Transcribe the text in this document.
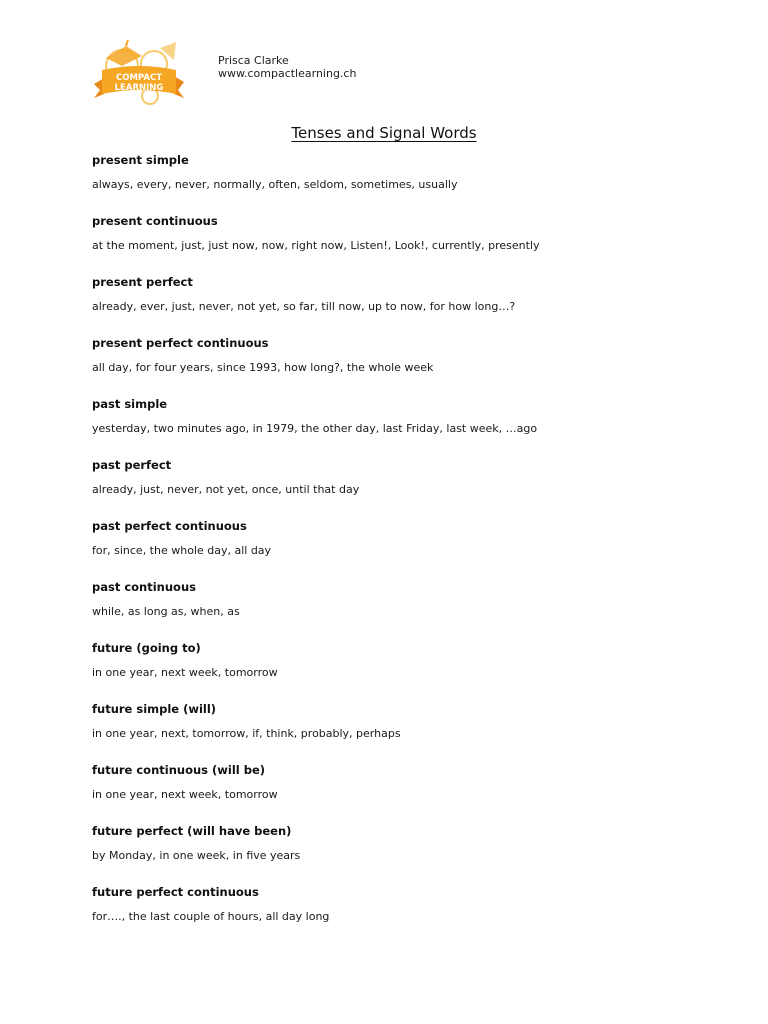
COMPACT
LEARNING
Prisca Clarke
www.compactlearning.ch
Tenses and Signal Words
present simple
always, every, never, normally, often, seldom, sometimes, usually
present continuous
at the moment, just, just now, now, right now, Listen!, Look!, currently, presently
present perfect
already, ever, just, never, not yet, so far, till now, up to now, for how long…?
present perfect continuous
all day, for four years, since 1993, how long?, the whole week
past simple
yesterday, two minutes ago, in 1979, the other day, last Friday, last week, …ago
past perfect
already, just, never, not yet, once, until that day
past perfect continuous
for, since, the whole day, all day
past continuous
while, as long as, when, as
future (going to)
in one year, next week, tomorrow
future simple (will)
in one year, next, tomorrow, if, think, probably, perhaps
future continuous (will be)
in one year, next week, tomorrow
future perfect (will have been)
by Monday, in one week, in five years
future perfect continuous
for…., the last couple of hours, all day long
